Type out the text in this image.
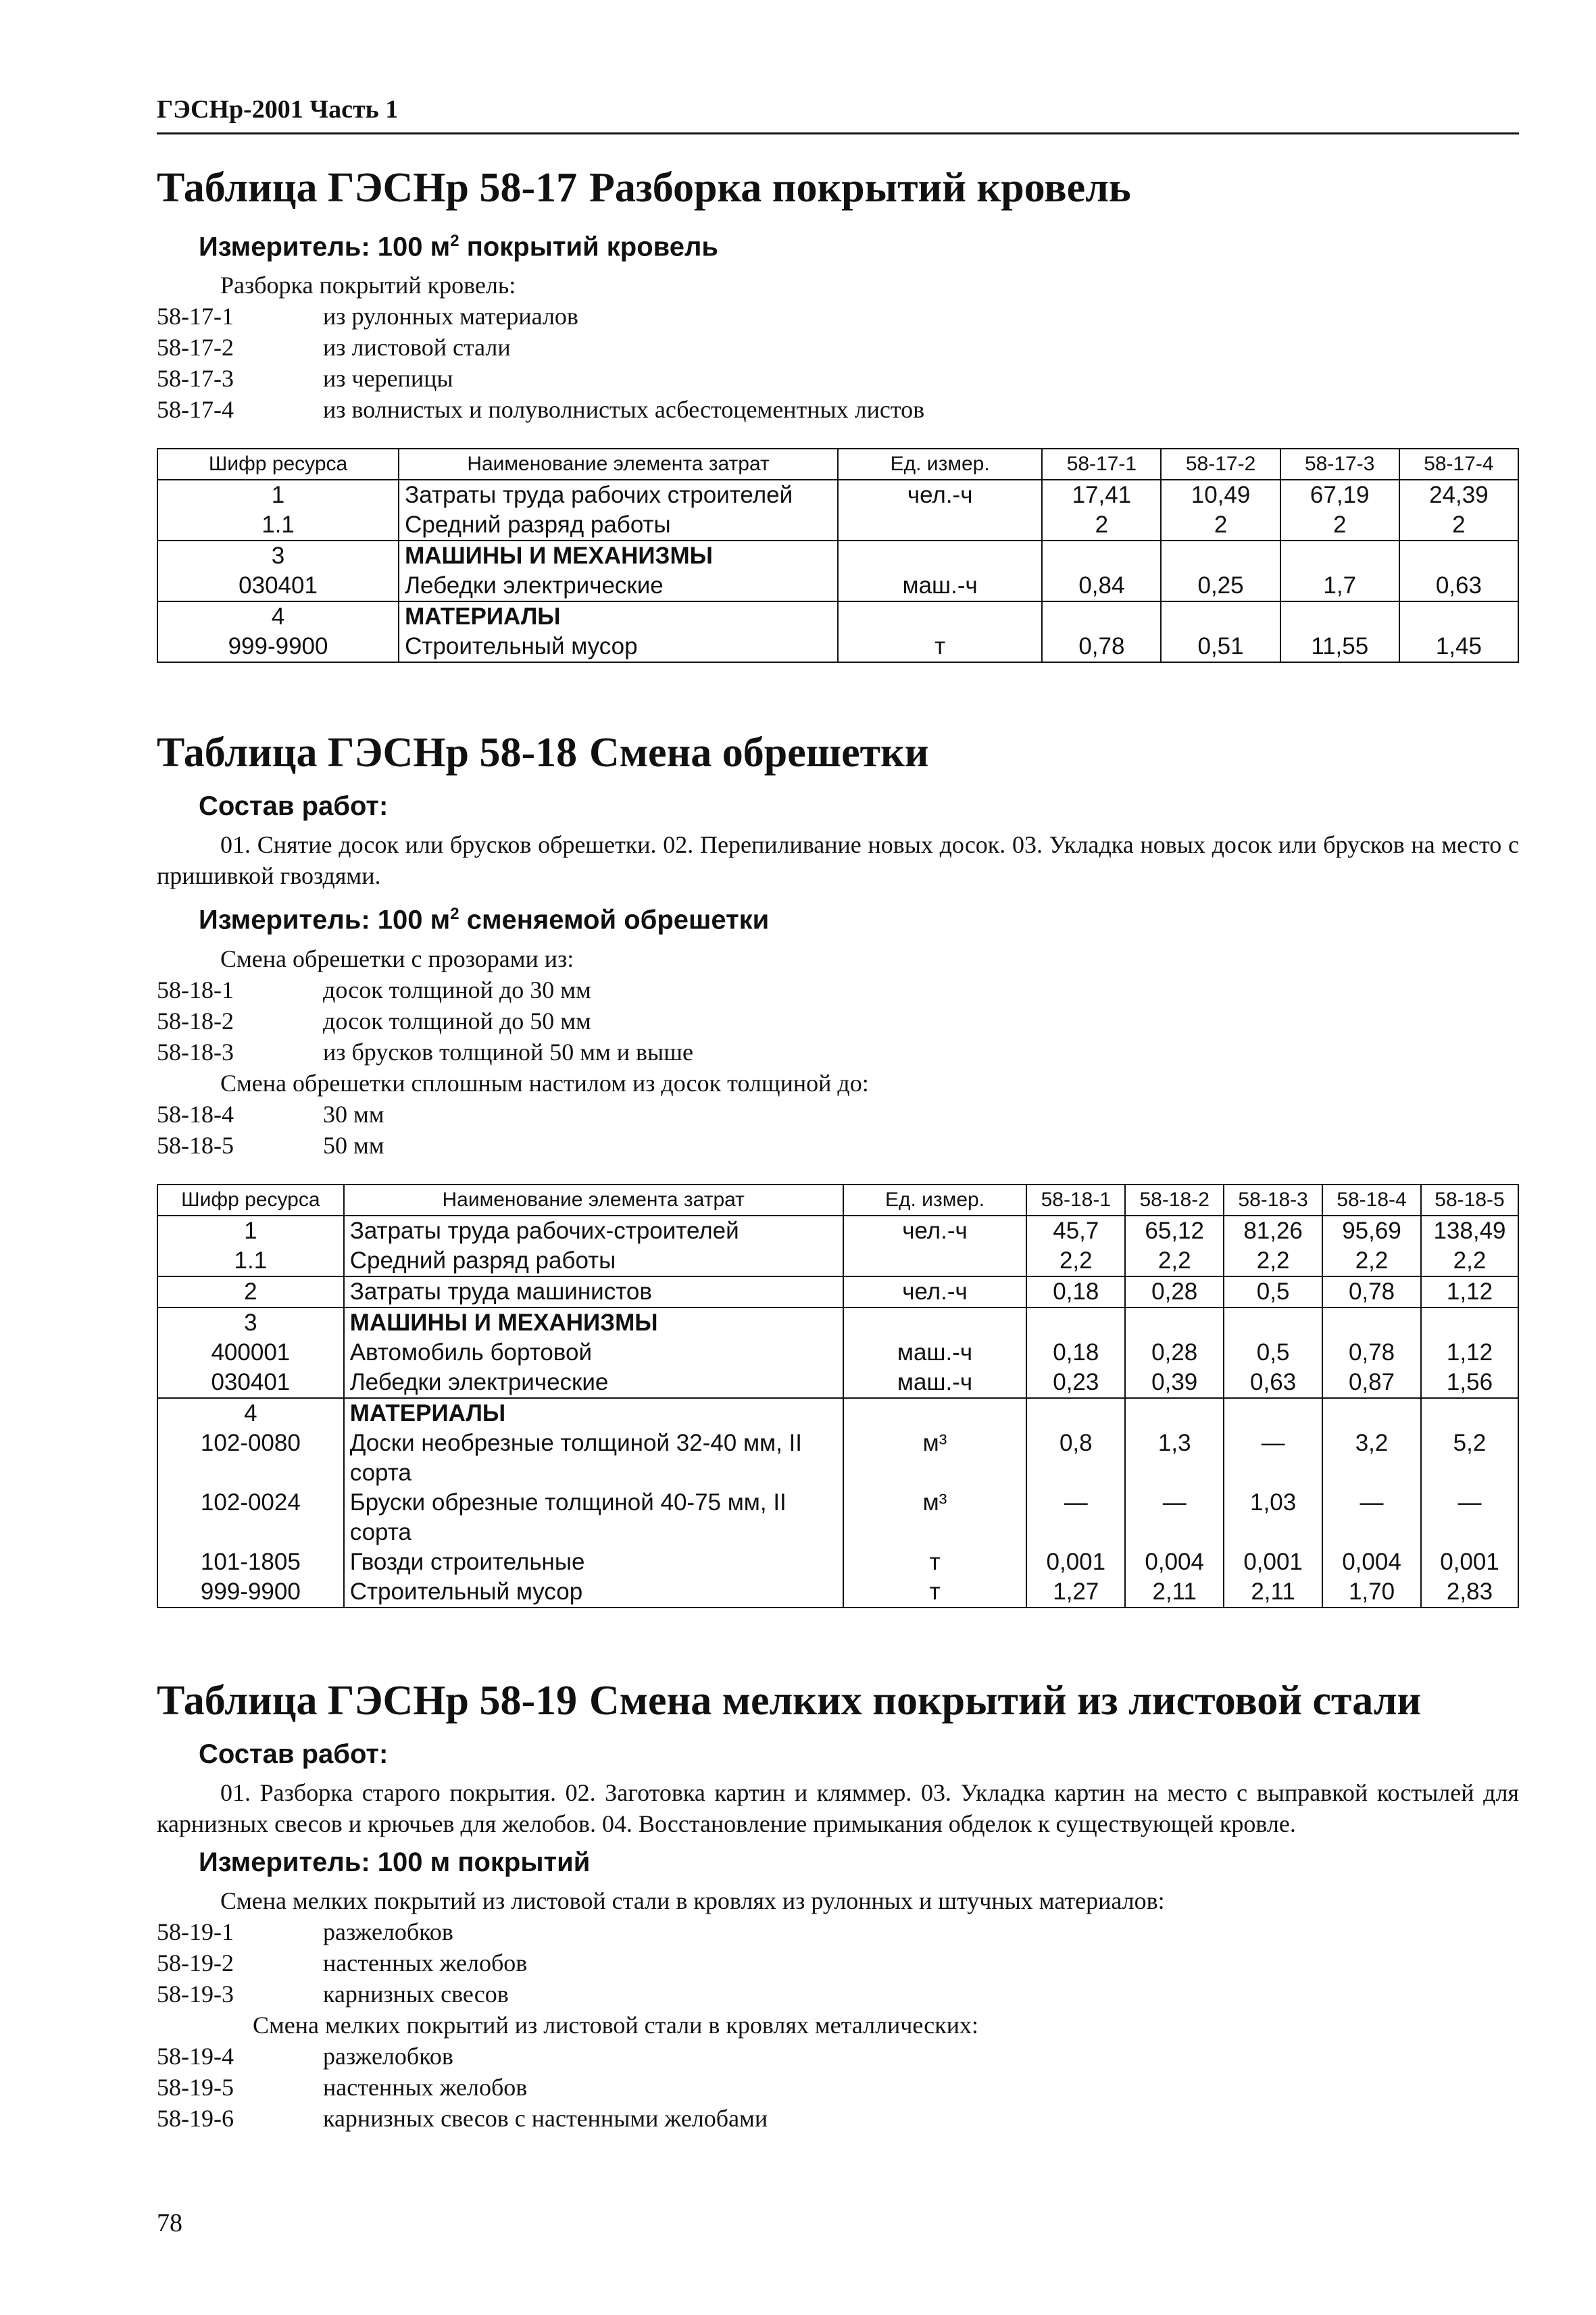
ГЭСНр-2001 Часть 1
Таблица ГЭСНр 58-17 Разборка покрытий кровель
Измеритель: 100 $м^2$ покрытий кровель
Разборка покрытий кровель:
58-17-1	из рулонных материалов
58-17-2	из листовой стали
58-17-3	из черепицы
58-17-4	из волнистых и полуволнистых асбестоцементных листов
Шифр ресурса	Наименование элемента затрат	Ед. измер.	58-17-1	58-17-2	58-17-3	58-17-4
1	Затраты труда рабочих строителей	чел.-ч	17,41	10,49	67,19	24,39
1.1	Средний разряд работы		2	2	2	2
3	МАШИНЫ И МЕХАНИЗМЫ					
030401	Лебедки электрические	маш.-ч	0,84	0,25	1,7	0,63
4	МАТЕРИАЛЫ					
999-9900	Строительный мусор	т	0,78	0,51	11,55	1,45
Таблица ГЭСНр 58-18 Смена обрешетки
Состав работ:

01. Снятие досок или брусков обрешетки. 02. Перепиливание новых досок. 03. Укладка новых досок или брусков на место с пришивкой гвоздями.

Измеритель: 100 $м^2$ сменяемой обрешетки
Смена обрешетки с прозорами из:
58-18-1	досок толщиной до 30 мм
58-18-2	досок толщиной до 50 мм
58-18-3	из брусков толщиной 50 мм и выше
Смена обрешетки сплошным настилом из досок толщиной до:
58-18-4	30 мм
58-18-5	50 мм
Шифр ресурса	Наименование элемента затрат	Ед. измер.	58-18-1	58-18-2	58-18-3	58-18-4	58-18-5
1	Затраты труда рабочих-строителей	чел.-ч	45,7	65,12	81,26	95,69	138,49
1.1	Средний разряд работы		2,2	2,2	2,2	2,2	2,2
2	Затраты труда машинистов	чел.-ч	0,18	0,28	0,5	0,78	1,12
3	МАШИНЫ И МЕХАНИЗМЫ						
400001	Автомобиль бортовой	маш.-ч	0,18	0,28	0,5	0,78	1,12
030401	Лебедки электрические	маш.-ч	0,23	0,39	0,63	0,87	1,56
4	МАТЕРИАЛЫ						
102-0080	Доски необрезные толщиной 32-40 мм, II сорта	м³	0,8	1,3	—	3,2	5,2
102-0024	Бруски обрезные толщиной 40-75 мм, II сорта	м³	—	—	1,03	—	—
101-1805	Гвозди строительные	т	0,001	0,004	0,001	0,004	0,001
999-9900	Строительный мусор	т	1,27	2,11	2,11	1,70	2,83
Таблица ГЭСНр 58-19 Смена мелких покрытий из листовой стали
Состав работ:

01. Разборка старого покрытия. 02. Заготовка картин и кляммер. 03. Укладка картин на место с выправкой костылей для карнизных свесов и крючьев для желобов. 04. Восстановление примыкания обделок к существующей кровле.

Измеритель: 100 м покрытий
Смена мелких покрытий из листовой стали в кровлях из рулонных и штучных материалов:
58-19-1	разжелобков
58-19-2	настенных желобов
58-19-3	карнизных свесов
Смена мелких покрытий из листовой стали в кровлях металлических:
58-19-4	разжелобков
58-19-5	настенных желобов
58-19-6	карнизных свесов с настенными желобами
78
